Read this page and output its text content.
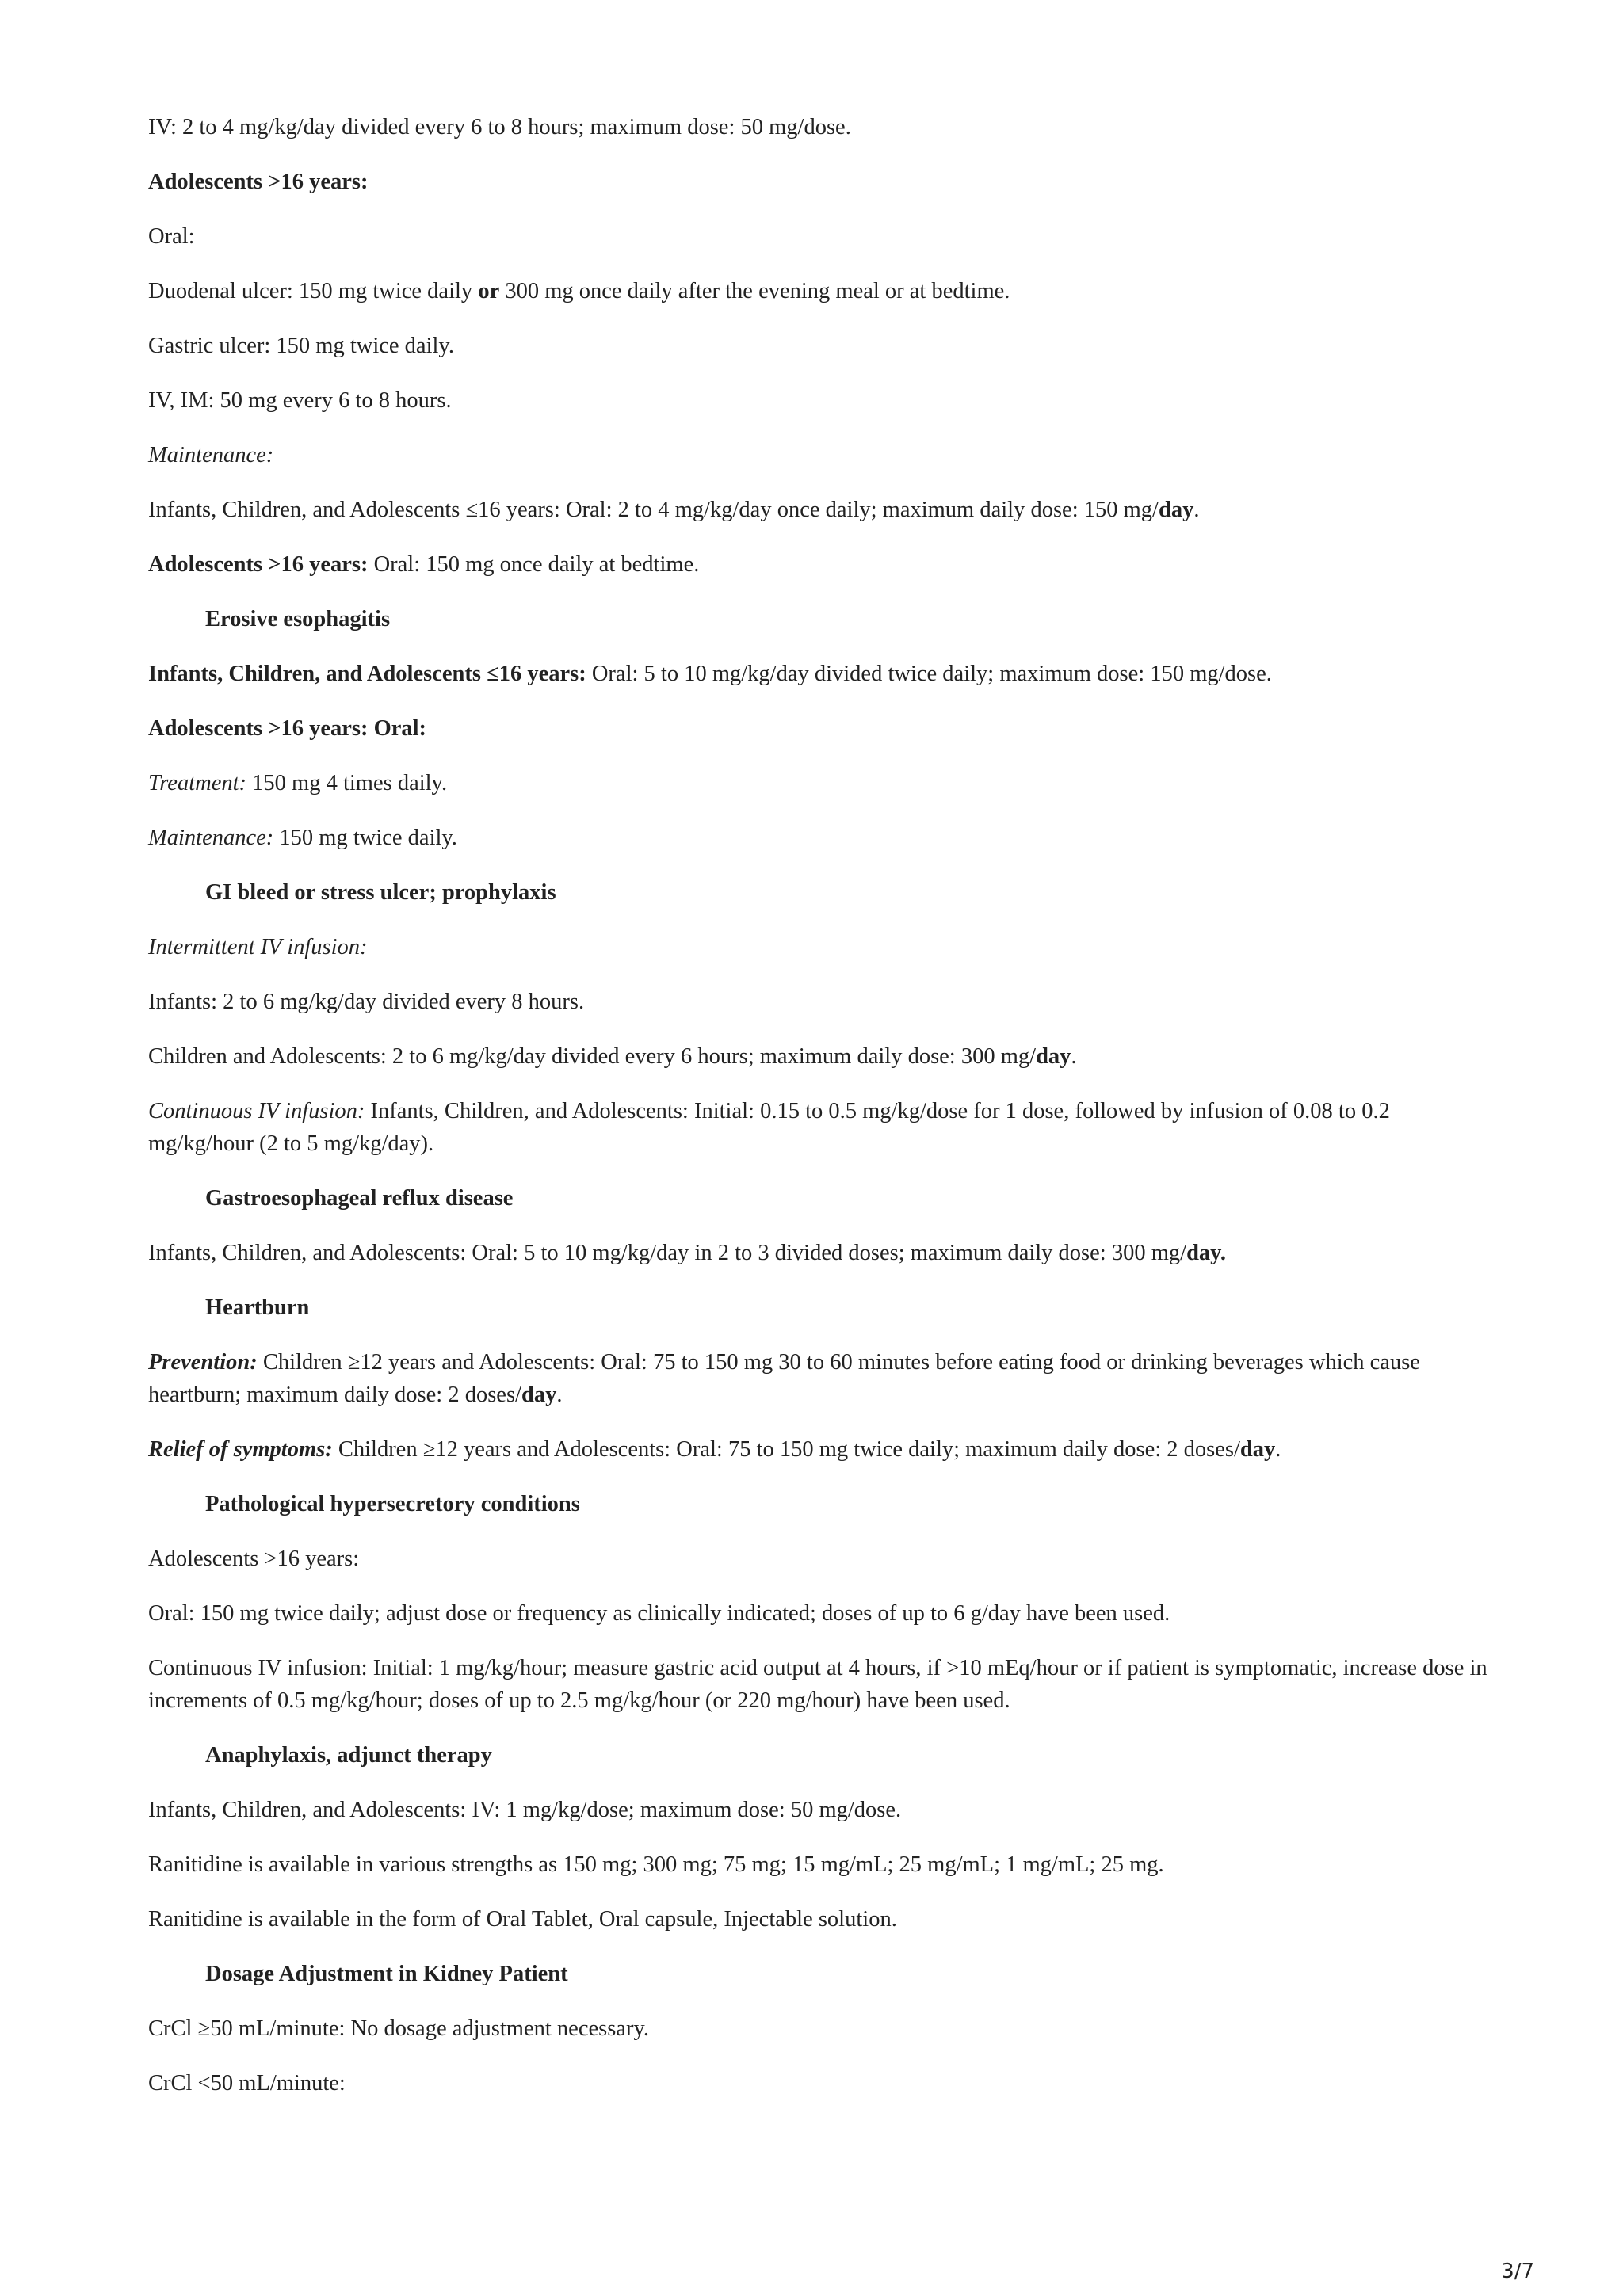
IV: 2 to 4 mg/kg/day divided every 6 to 8 hours; maximum dose: 50 mg/dose.

Adolescents >16 years:

Oral:

Duodenal ulcer: 150 mg twice daily or 300 mg once daily after the evening meal or at bedtime.

Gastric ulcer: 150 mg twice daily.

IV, IM: 50 mg every 6 to 8 hours.

Maintenance:

Infants, Children, and Adolescents ≤16 years: Oral: 2 to 4 mg/kg/day once daily; maximum daily dose: 150 mg/day.

Adolescents >16 years: Oral: 150 mg once daily at bedtime.

Erosive esophagitis

Infants, Children, and Adolescents ≤16 years: Oral: 5 to 10 mg/kg/day divided twice daily; maximum dose: 150 mg/dose.

Adolescents >16 years: Oral:

Treatment: 150 mg 4 times daily.

Maintenance: 150 mg twice daily.

GI bleed or stress ulcer; prophylaxis

Intermittent IV infusion:

Infants: 2 to 6 mg/kg/day divided every 8 hours.

Children and Adolescents: 2 to 6 mg/kg/day divided every 6 hours; maximum daily dose: 300 mg/day.

Continuous IV infusion: Infants, Children, and Adolescents: Initial: 0.15 to 0.5 mg/kg/dose for 1 dose, followed by infusion of 0.08 to 0.2 mg/kg/hour (2 to 5 mg/kg/day).

Gastroesophageal reflux disease

Infants, Children, and Adolescents: Oral: 5 to 10 mg/kg/day in 2 to 3 divided doses; maximum daily dose: 300 mg/day.

Heartburn

Prevention: Children ≥12 years and Adolescents: Oral: 75 to 150 mg 30 to 60 minutes before eating food or drinking beverages which cause heartburn; maximum daily dose: 2 doses/day.

Relief of symptoms: Children ≥12 years and Adolescents: Oral: 75 to 150 mg twice daily; maximum daily dose: 2 doses/day.

Pathological hypersecretory conditions

Adolescents >16 years:

Oral: 150 mg twice daily; adjust dose or frequency as clinically indicated; doses of up to 6 g/day have been used.

Continuous IV infusion: Initial: 1 mg/kg/hour; measure gastric acid output at 4 hours, if >10 mEq/hour or if patient is symptomatic, increase dose in increments of 0.5 mg/kg/hour; doses of up to 2.5 mg/kg/hour (or 220 mg/hour) have been used.

Anaphylaxis, adjunct therapy

Infants, Children, and Adolescents: IV: 1 mg/kg/dose; maximum dose: 50 mg/dose.

Ranitidine is available in various strengths as 150 mg; 300 mg; 75 mg; 15 mg/mL; 25 mg/mL; 1 mg/mL; 25 mg.

Ranitidine is available in the form of Oral Tablet, Oral capsule, Injectable solution.

Dosage Adjustment in Kidney Patient

CrCl ≥50 mL/minute: No dosage adjustment necessary.

CrCl <50 mL/minute:

3/7
